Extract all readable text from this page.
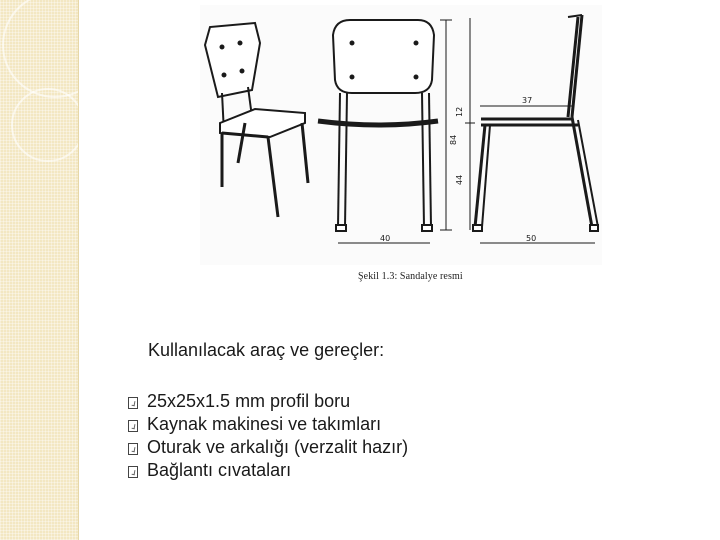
37
40	50
44
84
12
Şekil 1.3: Sandalye resmi
Kullanılacak araç ve gereçler:
25x25x1.5 mm profil boru
Kaynak makinesi ve takımları
Oturak ve arkalığı (verzalit hazır)
Bağlantı cıvataları
